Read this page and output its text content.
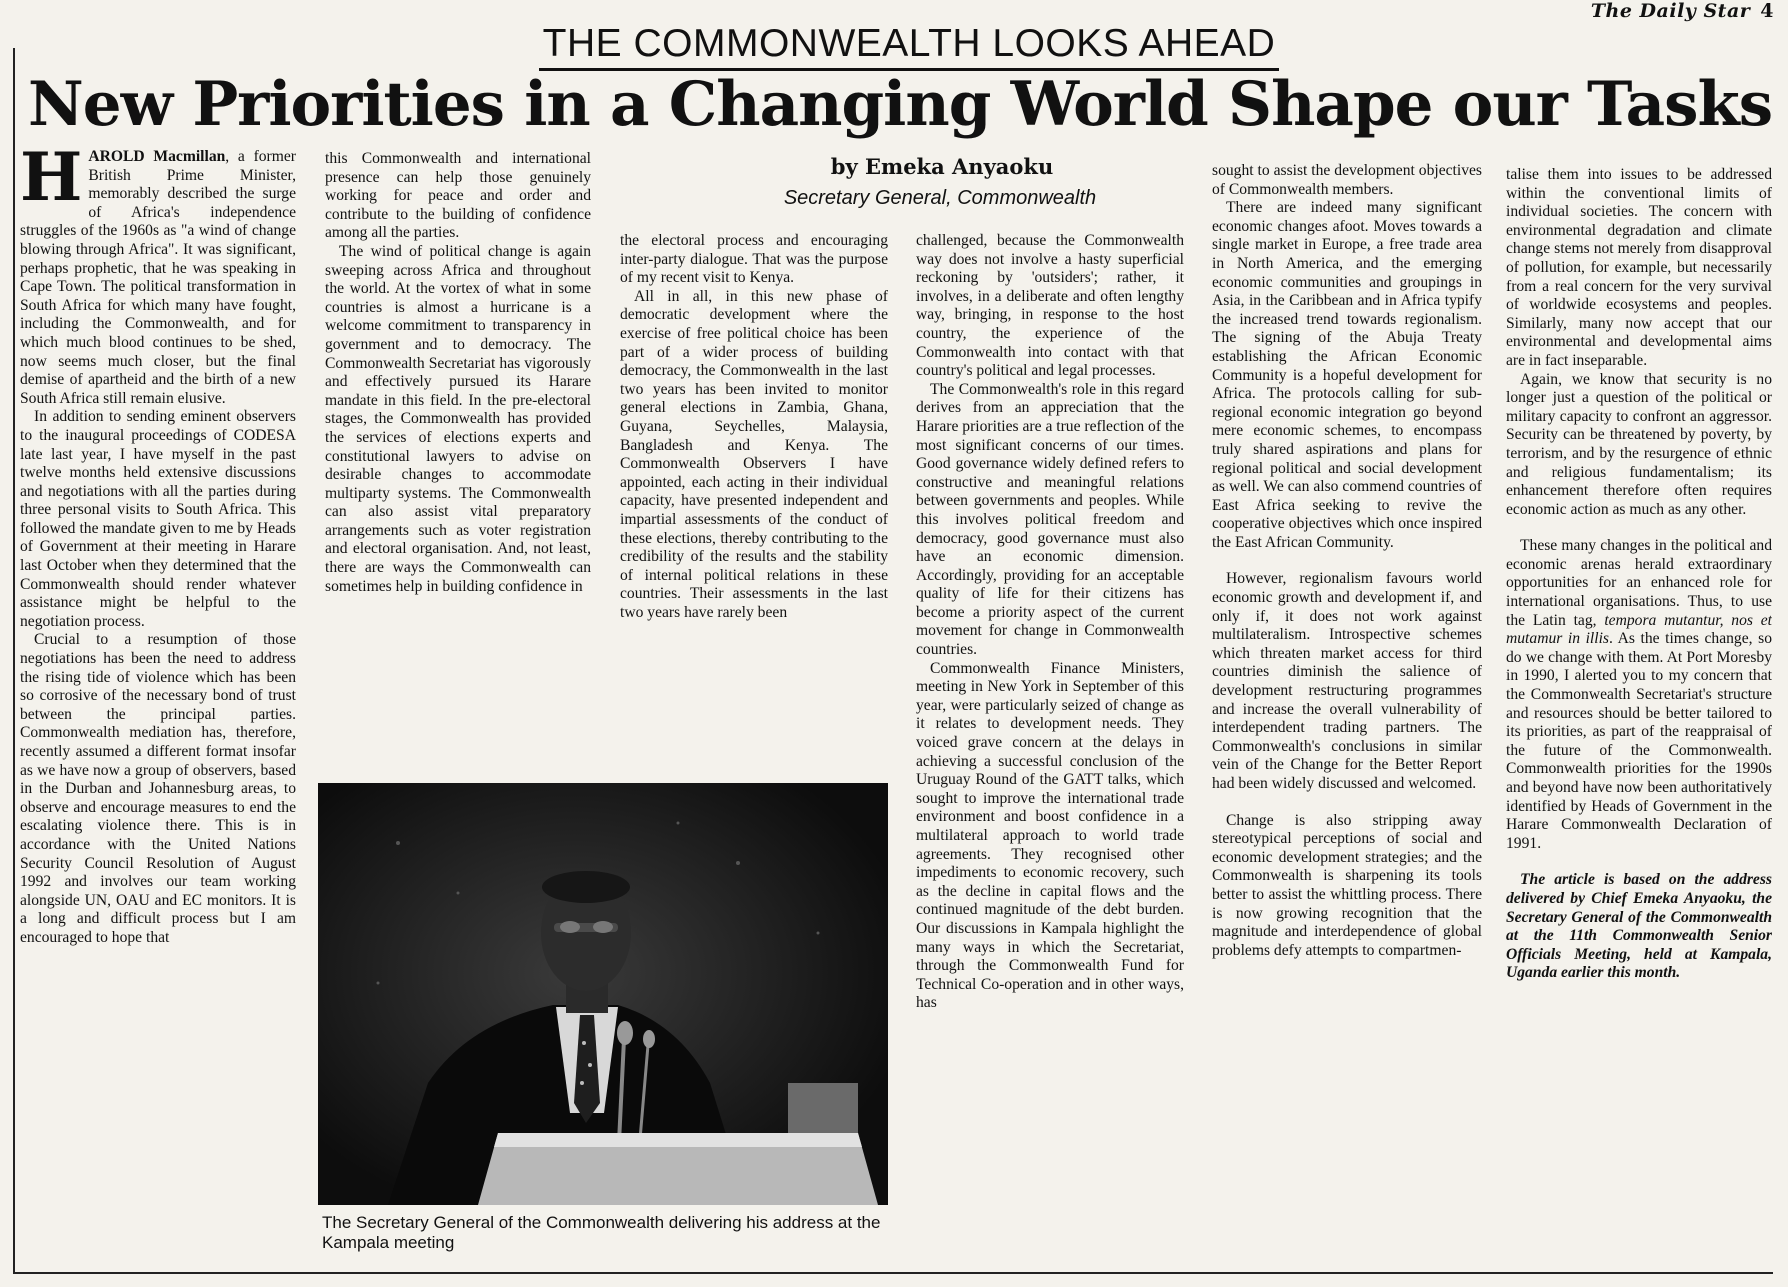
The Daily Star 4
THE COMMONWEALTH LOOKS AHEAD
New Priorities in a Changing World Shape our Tasks
by Emeka Anyaoku
Secretary General, Commonwealth

HAROLD Macmillan, a former British Prime Minister, memorably described the surge of Africa's independence struggles of the 1960s as "a wind of change blowing through Africa". It was significant, perhaps prophetic, that he was speaking in Cape Town. The political transformation in South Africa for which many have fought, including the Commonwealth, and for which much blood continues to be shed, now seems much closer, but the final demise of apartheid and the birth of a new South Africa still remain elusive.

In addition to sending eminent observers to the inaugural proceedings of CODESA late last year, I have myself in the past twelve months held extensive discussions and negotiations with all the parties during three personal visits to South Africa. This followed the mandate given to me by Heads of Government at their meeting in Harare last October when they determined that the Commonwealth should render whatever assistance might be helpful to the negotiation process.

Crucial to a resumption of those negotiations has been the need to address the rising tide of violence which has been so corrosive of the necessary bond of trust between the principal parties. Commonwealth mediation has, therefore, recently assumed a different format insofar as we have now a group of observers, based in the Durban and Johannesburg areas, to observe and encourage measures to end the escalating violence there. This is in accordance with the United Nations Security Council Resolution of August 1992 and involves our team working alongside UN, OAU and EC monitors. It is a long and difficult process but I am encouraged to hope that

this Commonwealth and international presence can help those genuinely working for peace and order and contribute to the building of confidence among all the parties.

The wind of political change is again sweeping across Africa and throughout the world. At the vortex of what in some countries is almost a hurricane is a welcome commitment to transparency in government and to democracy. The Commonwealth Secretariat has vigorously and effectively pursued its Harare mandate in this field. In the pre-electoral stages, the Commonwealth has provided the services of elections experts and constitutional lawyers to advise on desirable changes to accommodate multiparty systems. The Commonwealth can also assist vital preparatory arrangements such as voter registration and electoral organisation. And, not least, there are ways the Commonwealth can sometimes help in building confidence in

the electoral process and encouraging inter-party dialogue. That was the purpose of my recent visit to Kenya.

All in all, in this new phase of democratic development where the exercise of free political choice has been part of a wider process of building democracy, the Commonwealth in the last two years has been invited to monitor general elections in Zambia, Ghana, Guyana, Seychelles, Malaysia, Bangladesh and Kenya. The Commonwealth Observers I have appointed, each acting in their individual capacity, have presented independent and impartial assessments of the conduct of these elections, thereby contributing to the credibility of the results and the stability of internal political relations in these countries. Their assessments in the last two years have rarely been

The Secretary General of the Commonwealth delivering his address at the Kampala meeting

challenged, because the Commonwealth way does not involve a hasty superficial reckoning by 'outsiders'; rather, it involves, in a deliberate and often lengthy way, bringing, in response to the host country, the experience of the Commonwealth into contact with that country's political and legal processes.

The Commonwealth's role in this regard derives from an appreciation that the Harare priorities are a true reflection of the most significant concerns of our times. Good governance widely defined refers to constructive and meaningful relations between governments and peoples. While this involves political freedom and democracy, good governance must also have an economic dimension. Accordingly, providing for an acceptable quality of life for their citizens has become a priority aspect of the current movement for change in Commonwealth countries.

Commonwealth Finance Ministers, meeting in New York in September of this year, were particularly seized of change as it relates to development needs. They voiced grave concern at the delays in achieving a successful conclusion of the Uruguay Round of the GATT talks, which sought to improve the international trade environment and boost confidence in a multilateral approach to world trade agreements. They recognised other impediments to economic recovery, such as the decline in capital flows and the continued magnitude of the debt burden. Our discussions in Kampala highlight the many ways in which the Secretariat, through the Commonwealth Fund for Technical Co-operation and in other ways, has

sought to assist the development objectives of Commonwealth members.

There are indeed many significant economic changes afoot. Moves towards a single market in Europe, a free trade area in North America, and the emerging economic communities and groupings in Asia, in the Caribbean and in Africa typify the increased trend towards regionalism. The signing of the Abuja Treaty establishing the African Economic Community is a hopeful development for Africa. The protocols calling for sub-regional economic integration go beyond mere economic schemes, to encompass truly shared aspirations and plans for regional political and social development as well. We can also commend countries of East Africa seeking to revive the cooperative objectives which once inspired the East African Community.

However, regionalism favours world economic growth and development if, and only if, it does not work against multilateralism. Introspective schemes which threaten market access for third countries diminish the salience of development restructuring programmes and increase the overall vulnerability of interdependent trading partners. The Commonwealth's conclusions in similar vein of the Change for the Better Report had been widely discussed and welcomed.

Change is also stripping away stereotypical perceptions of social and economic development strategies; and the Commonwealth is sharpening its tools better to assist the whittling process. There is now growing recognition that the magnitude and interdependence of global problems defy attempts to compartmen-

talise them into issues to be addressed within the conventional limits of individual societies. The concern with environmental degradation and climate change stems not merely from disapproval of pollution, for example, but necessarily from a real concern for the very survival of worldwide ecosystems and peoples. Similarly, many now accept that our environmental and developmental aims are in fact inseparable.

Again, we know that security is no longer just a question of the political or military capacity to confront an aggressor. Security can be threatened by poverty, by terrorism, and by the resurgence of ethnic and religious fundamentalism; its enhancement therefore often requires economic action as much as any other.

These many changes in the political and economic arenas herald extraordinary opportunities for an enhanced role for international organisations. Thus, to use the Latin tag, tempora mutantur, nos et mutamur in illis. As the times change, so do we change with them. At Port Moresby in 1990, I alerted you to my concern that the Commonwealth Secretariat's structure and resources should be better tailored to its priorities, as part of the reappraisal of the future of the Commonwealth. Commonwealth priorities for the 1990s and beyond have now been authoritatively identified by Heads of Government in the Harare Commonwealth Declaration of 1991.

The article is based on the address delivered by Chief Emeka Anyaoku, the Secretary General of the Commonwealth at the 11th Commonwealth Senior Officials Meeting, held at Kampala, Uganda earlier this month.
